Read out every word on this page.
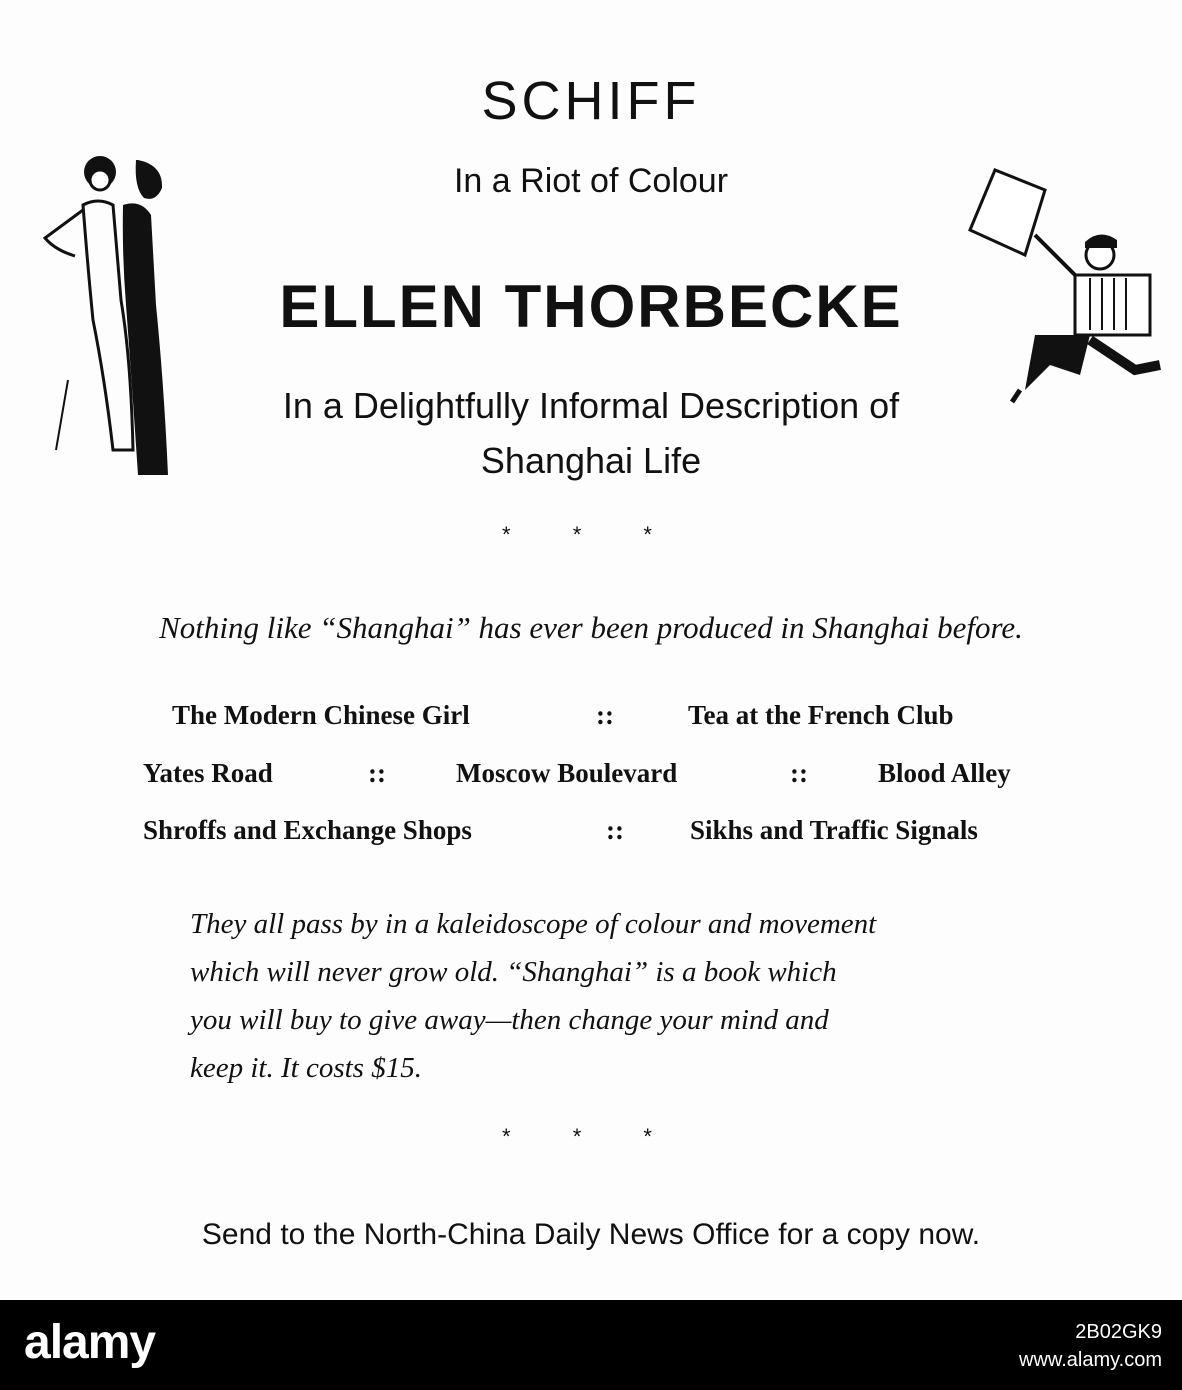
SCHIFF
In a Riot of Colour
ELLEN THORBECKE
In a Delightfully Informal Description of
Shanghai Life
* * *
Nothing like “Shanghai” has ever been produced in Shanghai before.
The Modern Chinese Girl	::	Tea at the French Club
Yates Road	::	Moscow Boulevard	::	Blood Alley
Shroffs and Exchange Shops	:: Sikhs and Traffic Signals
They all pass by in a kaleidoscope of colour and movement
which will never grow old. “Shanghai” is a book which
you will buy to give away—then change your mind and
keep it. It costs $15.
* * *
Send to the North-China Daily News Office for a copy now.
alamy	2B02GK9
www.alamy.com
